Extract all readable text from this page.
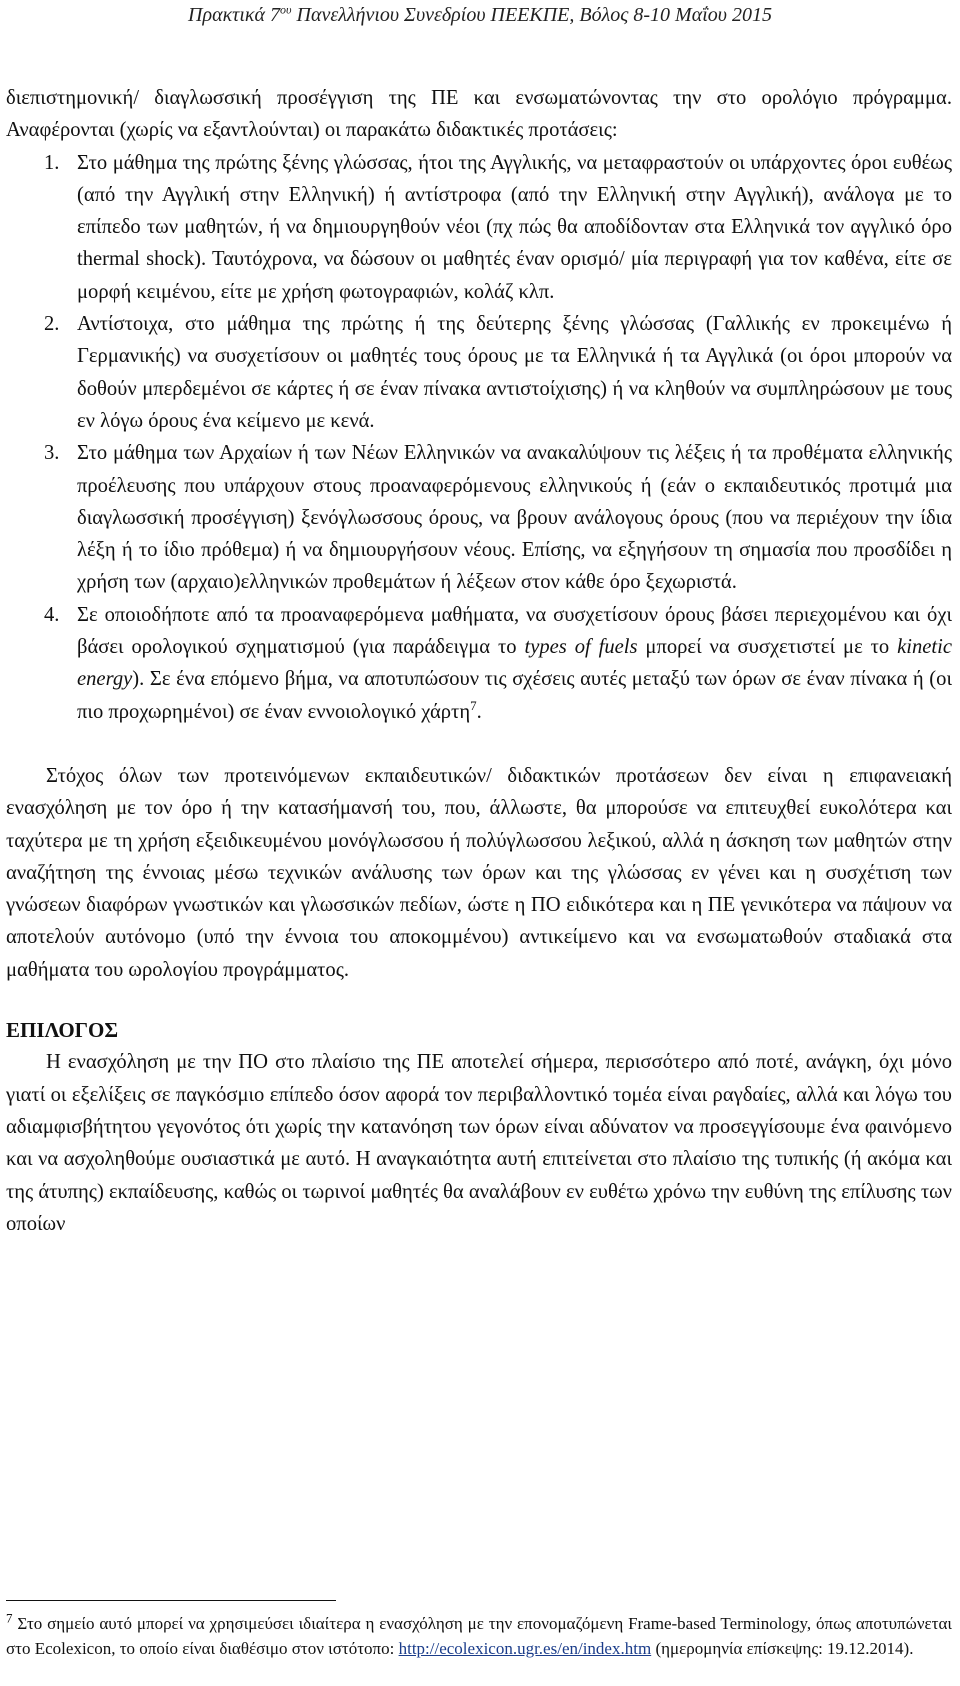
Πρακτικά $7^{o\upsilon}$ Πανελλήνιου Συνεδρίου ΠΕΕΚΠΕ, Βόλος 8-10 Μαΐου 2015

διεπιστημονική/ διαγλωσσική προσέγγιση της ΠΕ και ενσωματώνοντας την στο ορολόγιο πρόγραμμα. Αναφέρονται (χωρίς να εξαντλούνται) οι παρακάτω διδακτικές προτάσεις:

1. Στο μάθημα της πρώτης ξένης γλώσσας, ήτοι της Αγγλικής, να μεταφραστούν οι υπάρχοντες όροι ευθέως (από την Αγγλική στην Ελληνική) ή αντίστροφα (από την Ελληνική στην Αγγλική), ανάλογα με το επίπεδο των μαθητών, ή να δημιουργηθούν νέοι (πχ πώς θα αποδίδονταν στα Ελληνικά τον αγγλικό όρο thermal shock). Ταυτόχρονα, να δώσουν οι μαθητές έναν ορισμό/ μία περιγραφή για τον καθένα, είτε σε μορφή κειμένου, είτε με χρήση φωτογραφιών, κολάζ κλπ.
2. Αντίστοιχα, στο μάθημα της πρώτης ή της δεύτερης ξένης γλώσσας (Γαλλικής εν προκειμένω ή Γερμανικής) να συσχετίσουν οι μαθητές τους όρους με τα Ελληνικά ή τα Αγγλικά (οι όροι μπορούν να δοθούν μπερδεμένοι σε κάρτες ή σε έναν πίνακα αντιστοίχισης) ή να κληθούν να συμπληρώσουν με τους εν λόγω όρους ένα κείμενο με κενά.
3. Στο μάθημα των Αρχαίων ή των Νέων Ελληνικών να ανακαλύψουν τις λέξεις ή τα προθέματα ελληνικής προέλευσης που υπάρχουν στους προαναφερόμενους ελληνικούς ή (εάν ο εκπαιδευτικός προτιμά μια διαγλωσσική προσέγγιση) ξενόγλωσσους όρους, να βρουν ανάλογους όρους (που να περιέχουν την ίδια λέξη ή το ίδιο πρόθεμα) ή να δημιουργήσουν νέους. Επίσης, να εξηγήσουν τη σημασία που προσδίδει η χρήση των (αρχαιο)ελληνικών προθεμάτων ή λέξεων στον κάθε όρο ξεχωριστά.
4. Σε οποιοδήποτε από τα προαναφερόμενα μαθήματα, να συσχετίσουν όρους βάσει περιεχομένου και όχι βάσει ορολογικού σχηματισμού (για παράδειγμα το types of fuels μπορεί να συσχετιστεί με το kinetic energy). Σε ένα επόμενο βήμα, να αποτυπώσουν τις σχέσεις αυτές μεταξύ των όρων σε έναν πίνακα ή (οι πιο προχωρημένοι) σε έναν εννοιολογικό χάρτη$^7$.

Στόχος όλων των προτεινόμενων εκπαιδευτικών/ διδακτικών προτάσεων δεν είναι η επιφανειακή ενασχόληση με τον όρο ή την κατασήμανσή του, που, άλλωστε, θα μπορούσε να επιτευχθεί ευκολότερα και ταχύτερα με τη χρήση εξειδικευμένου μονόγλωσσου ή πολύγλωσσου λεξικού, αλλά η άσκηση των μαθητών στην αναζήτηση της έννοιας μέσω τεχνικών ανάλυσης των όρων και της γλώσσας εν γένει και η συσχέτιση των γνώσεων διαφόρων γνωστικών και γλωσσικών πεδίων, ώστε η ΠΟ ειδικότερα και η ΠΕ γενικότερα να πάψουν να αποτελούν αυτόνομο (υπό την έννοια του αποκομμένου) αντικείμενο και να ενσωματωθούν σταδιακά στα μαθήματα του ωρολογίου προγράμματος.

ΕΠΙΛΟΓΟΣ

Η ενασχόληση με την ΠΟ στο πλαίσιο της ΠΕ αποτελεί σήμερα, περισσότερο από ποτέ, ανάγκη, όχι μόνο γιατί οι εξελίξεις σε παγκόσμιο επίπεδο όσον αφορά τον περιβαλλοντικό τομέα είναι ραγδαίες, αλλά και λόγω του αδιαμφισβήτητου γεγονότος ότι χωρίς την κατανόηση των όρων είναι αδύνατον να προσεγγίσουμε ένα φαινόμενο και να ασχοληθούμε ουσιαστικά με αυτό. Η αναγκαιότητα αυτή επιτείνεται στο πλαίσιο της τυπικής (ή ακόμα και της άτυπης) εκπαίδευσης, καθώς οι τωρινοί μαθητές θα αναλάβουν εν ευθέτω χρόνω την ευθύνη της επίλυσης των οποίων

$^7$ Στο σημείο αυτό μπορεί να χρησιμεύσει ιδιαίτερα η ενασχόληση με την επονομαζόμενη Frame-based Terminology, όπως αποτυπώνεται στο Ecolexicon, το οποίο είναι διαθέσιμο στον ιστότοπο: http://ecolexicon.ugr.es/en/index.htm (ημερομηνία επίσκεψης: 19.12.2014).
